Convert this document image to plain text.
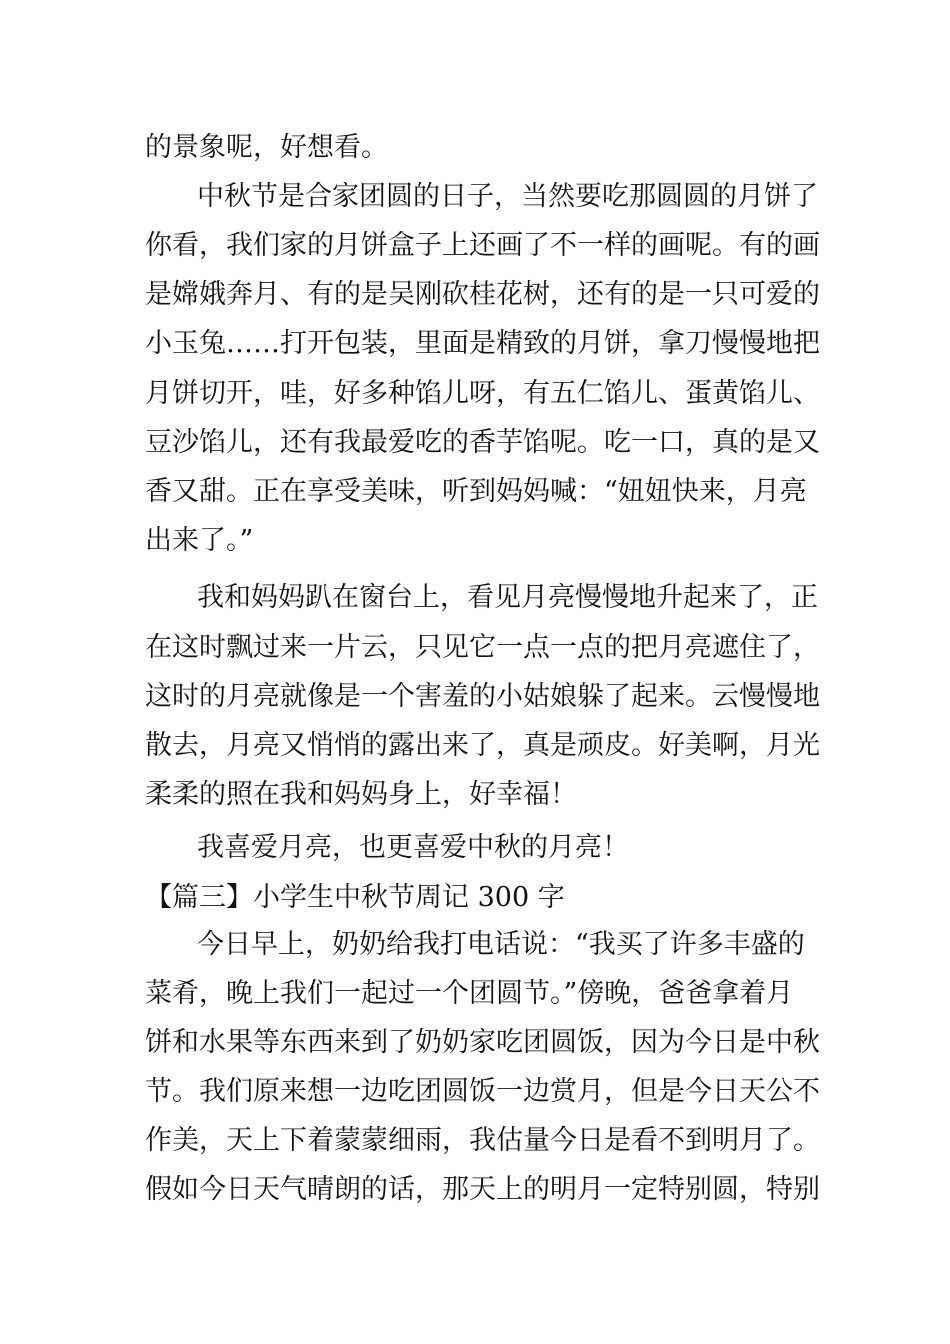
的景象呢，好想看。
中秋节是合家团圆的日子，当然要吃那圆圆的月饼了
你看，我们家的月饼盒子上还画了不一样的画呢。有的画
是嫦娥奔月、有的是吴刚砍桂花树，还有的是一只可爱的
小玉兔……打开包装，里面是精致的月饼，拿刀慢慢地把
月饼切开，哇，好多种馅儿呀，有五仁馅儿、蛋黄馅儿、
豆沙馅儿，还有我最爱吃的香芋馅呢。吃一口，真的是又
香又甜。正在享受美味，听到妈妈喊：“妞妞快来，月亮
出来了。”
我和妈妈趴在窗台上，看见月亮慢慢地升起来了，正
在这时飘过来一片云，只见它一点一点的把月亮遮住了，
这时的月亮就像是一个害羞的小姑娘躲了起来。云慢慢地
散去，月亮又悄悄的露出来了，真是顽皮。好美啊，月光
柔柔的照在我和妈妈身上，好幸福！
我喜爱月亮，也更喜爱中秋的月亮！
【篇三】小学生中秋节周记 300 字
今日早上，奶奶给我打电话说：“我买了许多丰盛的
菜肴，晚上我们一起过一个团圆节。”傍晚，爸爸拿着月
饼和水果等东西来到了奶奶家吃团圆饭，因为今日是中秋
节。我们原来想一边吃团圆饭一边赏月，但是今日天公不
作美，天上下着蒙蒙细雨，我估量今日是看不到明月了。
假如今日天气晴朗的话，那天上的明月一定特别圆，特别
